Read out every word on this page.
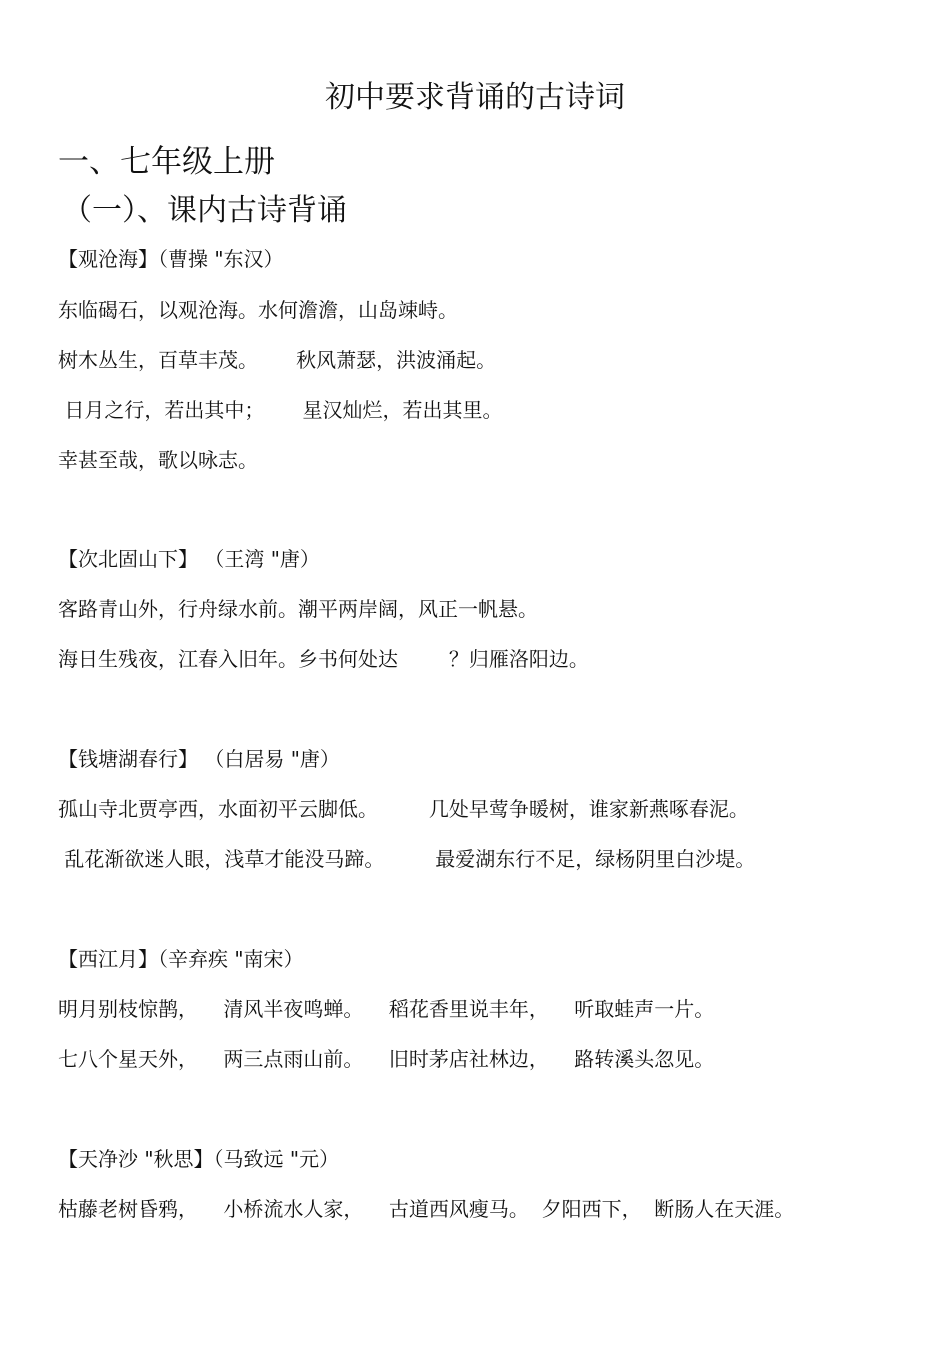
初中要求背诵的古诗词
一、七年级上册
（一）、课内古诗背诵
【观沧海】（曹操 "东汉）
东临碣石，以观沧海。水何澹澹，山岛竦峙。
树木丛生，百草丰茂。      秋风萧瑟，洪波涌起。
日月之行，若出其中；      星汉灿烂，若出其里。
幸甚至哉，歌以咏志。
【次北固山下】 （王湾 "唐）
客路青山外，行舟绿水前。潮平两岸阔，风正一帆悬。
海日生残夜，江春入旧年。乡书何处达        ？归雁洛阳边。
【钱塘湖春行】 （白居易 "唐）
孤山寺北贾亭西，水面初平云脚低。        几处早莺争暖树，谁家新燕啄春泥。
乱花渐欲迷人眼，浅草才能没马蹄。        最爱湖东行不足，绿杨阴里白沙堤。
【西江月】（辛弃疾 "南宋）
明月别枝惊鹊，    清风半夜鸣蝉。    稻花香里说丰年，    听取蛙声一片。
七八个星天外，    两三点雨山前。    旧时茅店社林边，    路转溪头忽见。
【天净沙 "秋思】（马致远 "元）
枯藤老树昏鸦，    小桥流水人家，    古道西风瘦马。  夕阳西下，  断肠人在天涯。
